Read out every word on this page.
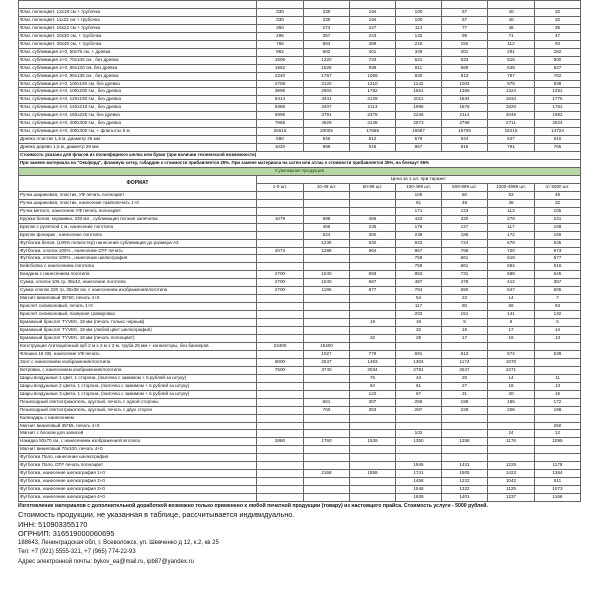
Флаг, полноцвет, 12х18 см + трубочка	330	239	194	100	67	40	32
Флаг, полноцвет, 11х22 см + трубочка	330	239	194	100	67	40	32
Флаг, полноцвет, 15х22 см + трубочка	360	274	227	114	77	48	35
Флаг, полноцвет, 20х30 см, + трубочка	496	357	243	133	99	71	47
Флаг, полноцвет, 30х40 см, + трубочка	766	564	389	219	150	112	93
Флаг, сублимация 4+0, 50х75 см, + древка	962	682	401	349	301	291	282
Флаг, сублимация 4+0, 70х105 см , без древка	1506	1220	733	631	533	516	500
Флаг, сублимация 4+0, 80х120 см, без древка	1962	1528	938	811	669	648	627
Флаг, сублимация 4+0, 90х135 см , без древка	2240	1767	1069	930	813	787	762
Флаг, сублимация 4+0, 100х150 см, без древка	2708	2120	1310	1142	1002	970	939
Флаг, сублимация 4+0, 100х200 см , без древка	3896	2903	1782	1561	1366	1324	1281
Флаг, сублимация 4+0, 120х180 см , без древка	5414	3441	2129	2011	1834	1834	1775
Флаг, сублимация 4+0, 140х210 см , без древка	5388	3407	2113	1996	1878	1820	1761
Флаг, сублимация 4+0, 150х225 см, без древка	5996	3781	2378	2246	2114	2048	1982
Флаг, сублимация 4+0, 200х300 см , без древка	7868	4929	3148	2973	2798	2711	2624
Флаг, сублимация 4+0, 200х300 см, + флагшток 5 м	26616	20005	17669	16687	15706	15215	14724
Древко пластик 1,5 м, диаметр 25 мм	680	646	612	578	544	527	510
Древко дерево 1,5 м, диаметр 28 мм	1020	969	918	867	816	791	765
Стоимость указана для флагов из полиэфирного шелка или бумаг (при наличии технической возможности)							
При замене материала на "Оксфорд", флажную сетку, габардин к стоимости прибавляется 25%. При замене материала на сатен или атлас к стоимости прибавляется 35%, на блекаут 55%							
Сувенирная продукция							
ФОРМАТ	Цена за 1 шт. при тираже:						
	1-9 шт.	10-49 шт.	50-99 шт.	100-499 шт.	500-999 шт.	1000-4999 шт.	от 5000 шт.
Ручка шариковая, пластик, УФ печать полноцвет				106	60	53	48
Ручка шариковая, пластик, нанесение тампопечать 1+0				81	49	38	32
Ручка металл, нанесение УФ печать полноцвет				171	123	113	105
Кружка белая, керамика, 330 мл , сублимация полная запечатка	1079	698	465	423	320	279	241
Брелок с рулеткой 1 м, нанесение логотипа		455	235	176	127	117	108
Брелок фонарик , нанесение логотипа		524	300	238	185	172	159
Футболка белая, (100% полиэстер) нанесение сублимация до размера А3		1236	940	843	724	679	635
Футболка, хлопок 100% , нанесение DTF печать	2073	1288	964	867	768	720	673
Футболка, хлопок 100% , нанесение шелкография				759	661	619	577
Бейсболка с нанесением логотипа				759	661	584	516
Бандана с нанесением логотипа	2700	1040	893	853	731	688	645
Сумка, хлопок 105 гр, 38х42, нанесение логотипа	2700	1040	567	487	479	412	357
Сумка хлопок 220 гр, 35х38 см, с нанесением изображения/логотипа	2700	1196	877	784	690	647	605
Магнит виниловый 35*50, печать 4+0				54	22	14	7
Браслет силиконовый, печать 1+0				117	80	69	63
Браслет силиконовый, лазерная гравировка				203	151	141	132
Бумажный браслет TYVEK, 19 мм (печать только черным)			19	19	9	6	5
Бумажный браслет TYVEK, 19 мм (любой цвет шелкография)				32	19	17	14
Бумажный браслет TYVEK, 19 мм (печать полноцвет)			32	29	17	16	13
Конструкция Агитационный куб 2 м х 2 м х 2 м, труба 25 мм + коннекторы, без баннеров	23400	15400					
Флешка 16 GB, нанесение УФ-печать		1027	779	691	613	574	539
Зонт с нанесением изображения/логотипа	6000	2047	1463	1304	1174	1070	
Ветровка, с нанесением изображения/логотипа	7500	3740	3034	2781	2527	2271	
Шары воздушные 1 цвет, 1 сторона, (палочка с зажимом + 5 рублей за штуку)			76	43	20	14	11
Шары воздушные 2 цвета, 1 сторона, (палочка с зажимом + 5 рублей за штуку)			94	61	27	18	13
Шары воздушные 3 цвета, 1 сторона, (палочка с зажимом + 5 рублей за штуку)			122	67	31	20	15
Пешеходный светоотражатель, круглый, печать с одной стороны		661	307	250	198	185	172
Пешеходный светоотражатель, круглый, печать с двух сторон		760	353	287	228	206	198
Календарь с нанесением							
Магнит виниловый 35*55, печать 4+0							250
Магнит с блоком для записей				102		24	12
Накидка 50х70 см, с нанесением изображения/логотипа	2880	1760	1539	1350	1258	1176	1095
Магнит виниловый 70х100, печать 4+0							
Футболка Поло, нанесение шелкография							
Футболка Поло, DTF печать полноцвет				1946	1421	1225	1178
Футболка, нанесение шелкография 1+0		2168	1858	1741	1505	1423	1364
Футболка, нанесение шелкография 2+0				1458	1222	1042	911
Футболка, нанесение шелкография 3+0				1548	1322	1125	1073
Футболка, нанесение шелкография 4+0				1639	1401	1237	1166
Изготовление материалов с дополнительной доработкой возможно только применено к любой печатной продукции (товару) из настоящего прайса. Стоимость услуги - 5000 рублей.
Стоимость продукции, не указанная в таблице, рассчитывается индивидуально.
ИНН: 510903355170
ОГРНИП: 316519000060695
188643, Ленинградская обл, г. Всеволожск, ул. Шевченко д 12, к.2, кв 25
Тел: +7 (921) 5555-321, +7 (965) 774-22-93
Адрес электронной почты: bykov_ea@mail.ru, ipb87@yandex.ru
